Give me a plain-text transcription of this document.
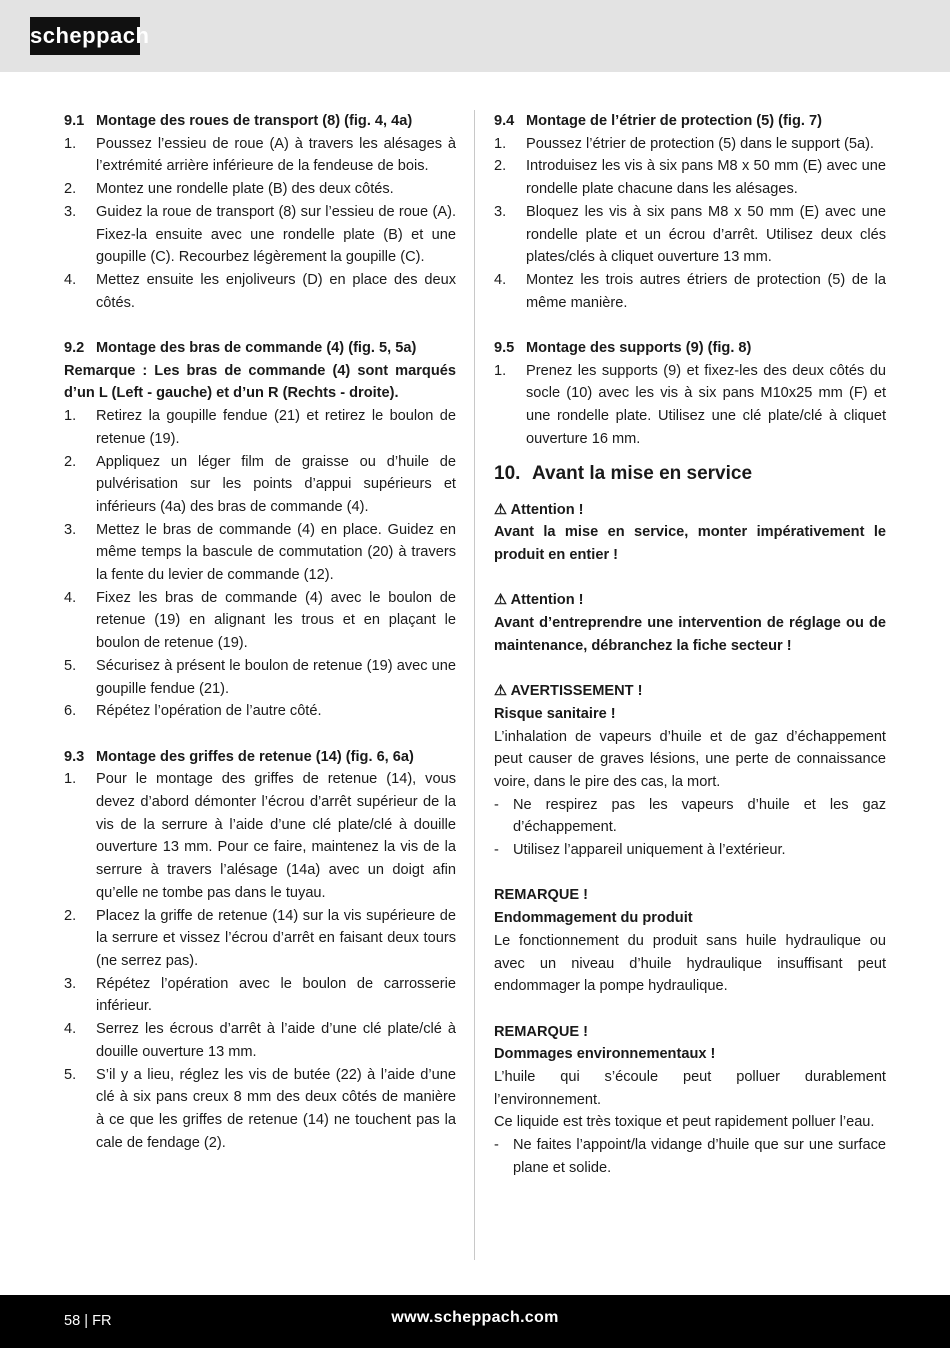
scheppach
9.1 Montage des roues de transport (8) (fig. 4, 4a)
1.	Poussez l’essieu de roue (A) à travers les alésages à l’extrémité arrière inférieure de la fendeuse de bois.
2.	Montez une rondelle plate (B) des deux côtés.
3.	Guidez la roue de transport (8) sur l’essieu de roue (A). Fixez-la ensuite avec une rondelle plate (B) et une goupille (C). Recourbez légèrement la goupille (C).
4.	Mettez ensuite les enjoliveurs (D) en place des deux côtés.
9.2 Montage des bras de commande (4) (fig. 5, 5a)
Remarque : Les bras de commande (4) sont marqués d’un L (Left - gauche) et d’un R (Rechts - droite).
1.	Retirez la goupille fendue (21) et retirez le boulon de retenue (19).
2.	Appliquez un léger film de graisse ou d’huile de pulvérisation sur les points d’appui supérieurs et inférieurs (4a) des bras de commande (4).
3.	Mettez le bras de commande (4) en place. Guidez en même temps la bascule de commutation (20) à travers la fente du levier de commande (12).
4.	Fixez les bras de commande (4) avec le boulon de retenue (19) en alignant les trous et en plaçant le boulon de retenue (19).
5.	Sécurisez à présent le boulon de retenue (19) avec une goupille fendue (21).
6.	Répétez l’opération de l’autre côté.
9.3 Montage des griffes de retenue (14) (fig. 6, 6a)
1.	Pour le montage des griffes de retenue (14), vous devez d’abord démonter l’écrou d’arrêt supérieur de la vis de la serrure à l’aide d’une clé plate/clé à douille ouverture 13 mm. Pour ce faire, maintenez la vis de la serrure à travers l’alésage (14a) avec un doigt afin qu’elle ne tombe pas dans le tuyau.
2.	Placez la griffe de retenue (14) sur la vis supérieure de la serrure et vissez l’écrou d’arrêt en faisant deux tours (ne serrez pas).
3.	Répétez l’opération avec le boulon de carrosserie inférieur.
4.	Serrez les écrous d’arrêt à l’aide d’une clé plate/clé à douille ouverture 13 mm.
5.	S’il y a lieu, réglez les vis de butée (22) à l’aide d’une clé à six pans creux 8 mm des deux côtés de manière à ce que les griffes de retenue (14) ne touchent pas la cale de fendage (2).
9.4 Montage de l’étrier de protection (5) (fig. 7)
1.	Poussez l’étrier de protection (5) dans le support (5a).
2.	Introduisez les vis à six pans M8 x 50 mm (E) avec une rondelle plate chacune dans les alésages.
3.	Bloquez les vis à six pans M8 x 50 mm (E) avec une rondelle plate et un écrou d’arrêt. Utilisez deux clés plates/clés à cliquet ouverture 13 mm.
4.	Montez les trois autres étriers de protection (5) de la même manière.
9.5 Montage des supports (9) (fig. 8)
1.	Prenez les supports (9) et fixez-les des deux côtés du socle (10) avec les vis à six pans M10x25 mm (F) et une rondelle plate. Utilisez une clé plate/clé à cliquet ouverture 16 mm.
10. Avant la mise en service
⚠ Attention !
Avant la mise en service, monter impérativement le produit en entier !
⚠ Attention !
Avant d’entreprendre une intervention de réglage ou de maintenance, débranchez la fiche secteur !
⚠ AVERTISSEMENT !
Risque sanitaire !
L’inhalation de vapeurs d’huile et de gaz d’échappement peut causer de graves lésions, une perte de connaissance voire, dans le pire des cas, la mort.
- Ne respirez pas les vapeurs d’huile et les gaz d’échappement.
- Utilisez l’appareil uniquement à l’extérieur.
REMARQUE !
Endommagement du produit
Le fonctionnement du produit sans huile hydraulique ou avec un niveau d’huile hydraulique insuffisant peut endommager la pompe hydraulique.
REMARQUE !
Dommages environnementaux !
L’huile qui s’écoule peut polluer durablement l’environnement.
Ce liquide est très toxique et peut rapidement polluer l’eau.
- Ne faites l’appoint/la vidange d’huile que sur une surface plane et solide.
58 | FR	www.scheppach.com
